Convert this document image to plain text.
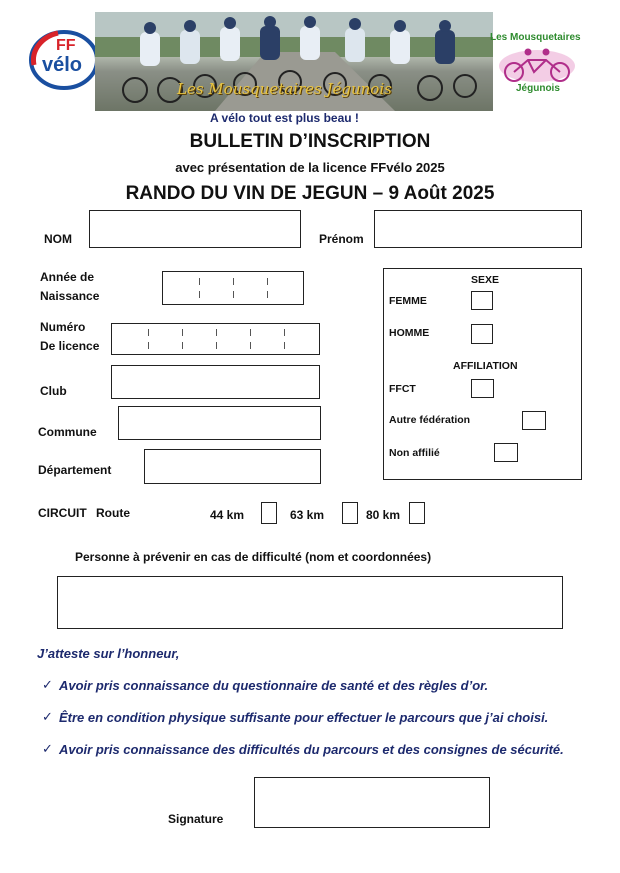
FF
vélo
Les Mousquetaires Jégunois
Les Mousquetaires
Jégunois
A vélo tout est plus beau !
BULLETIN D’INSCRIPTION
avec présentation de la licence FFvélo 2025
RANDO DU VIN DE JEGUN – 9 Août 2025
NOM	Prénom
Année de
Naissance
Numéro
De licence
Club
Commune
Département
SEXE
FEMME
HOMME
AFFILIATION
FFCT
Autre fédération
Non affilié
CIRCUIT Route	44 km	63 km	80 km
Personne à prévenir en cas de difficulté (nom et coordonnées)
J’atteste sur l’honneur,
✓ Avoir pris connaissance du questionnaire de santé et des règles d’or.
✓ Être en condition physique suffisante pour effectuer le parcours que j’ai choisi.
✓ Avoir pris connaissance des difficultés du parcours et des consignes de sécurité.
Signature
